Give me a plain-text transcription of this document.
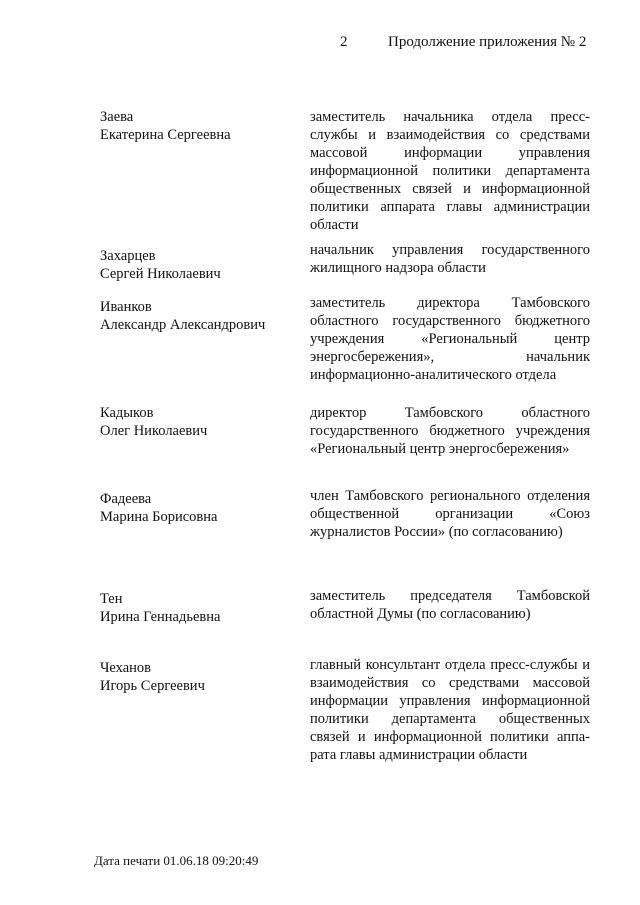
2	Продолжение приложения № 2
Заева
Екатерина Сергеевна
заместитель начальника отдела пресс-службы и взаимодействия со средствами массовой информации управления информационной политики департамента общественных связей и информационной политики аппарата главы администрации области
Захарцев
Сергей Николаевич
начальник управления государственного жилищного надзора области
Иванков
Александр Александрович
заместитель директора Тамбовского областного государственного бюджетного учреждения «Региональный центр энергосбережения», начальник информационно-аналитического отдела
Кадыков
Олег Николаевич
директор Тамбовского областного государственного бюджетного учреждения «Региональный центр энергосбережения»
Фадеева
Марина Борисовна
член Тамбовского регионального отделения общественной организации «Союз журналистов России» (по согласованию)
Тен
Ирина Геннадьевна
заместитель председателя Тамбовской областной Думы (по согласованию)
Чеханов
Игорь Сергеевич
главный консультант отдела пресс-службы и взаимодействия со средствами массовой информации управления информационной политики департамента общественных связей и информационной политики аппарата главы администрации области
Дата печати 01.06.18 09:20:49
